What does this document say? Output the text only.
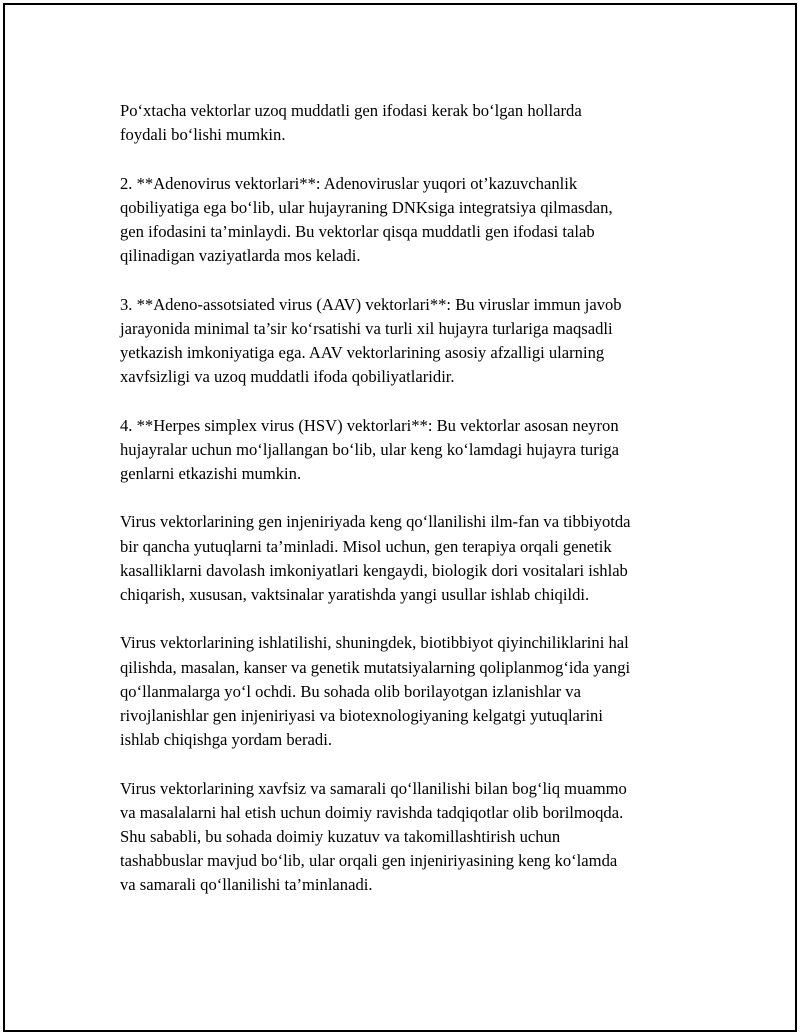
Po‘xtacha vektorlar uzoq muddatli gen ifodasi kerak bo‘lgan hollarda
foydali bo‘lishi mumkin.

2. **Adenovirus vektorlari**: Adenoviruslar yuqori ot’kazuvchanlik
qobiliyatiga ega bo‘lib, ular hujayraning DNKsiga integratsiya qilmasdan,
gen ifodasini ta’minlaydi. Bu vektorlar qisqa muddatli gen ifodasi talab
qilinadigan vaziyatlarda mos keladi.

3. **Adeno-assotsiated virus (AAV) vektorlari**: Bu viruslar immun javob
jarayonida minimal ta’sir ko‘rsatishi va turli xil hujayra turlariga maqsadli
yetkazish imkoniyatiga ega. AAV vektorlarining asosiy afzalligi ularning
xavfsizligi va uzoq muddatli ifoda qobiliyatlaridir.

4. **Herpes simplex virus (HSV) vektorlari**: Bu vektorlar asosan neyron
hujayralar uchun mo‘ljallangan bo‘lib, ular keng ko‘lamdagi hujayra turiga
genlarni etkazishi mumkin.

Virus vektorlarining gen injeniriyada keng qo‘llanilishi ilm-fan va tibbiyotda
bir qancha yutuqlarni ta’minladi. Misol uchun, gen terapiya orqali genetik
kasalliklarni davolash imkoniyatlari kengaydi, biologik dori vositalari ishlab
chiqarish, xususan, vaktsinalar yaratishda yangi usullar ishlab chiqildi.

Virus vektorlarining ishlatilishi, shuningdek, biotibbiyot qiyinchiliklarini hal
qilishda, masalan, kanser va genetik mutatsiyalarning qoliplanmog‘ida yangi
qo‘llanmalarga yo‘l ochdi. Bu sohada olib borilayotgan izlanishlar va
rivojlanishlar gen injeniriyasi va biotexnologiyaning kelgatgi yutuqlarini
ishlab chiqishga yordam beradi.

Virus vektorlarining xavfsiz va samarali qo‘llanilishi bilan bog‘liq muammo
va masalalarni hal etish uchun doimiy ravishda tadqiqotlar olib borilmoqda.
Shu sababli, bu sohada doimiy kuzatuv va takomillashtirish uchun
tashabbuslar mavjud bo‘lib, ular orqali gen injeniriyasining keng ko‘lamda
va samarali qo‘llanilishi ta’minlanadi.
